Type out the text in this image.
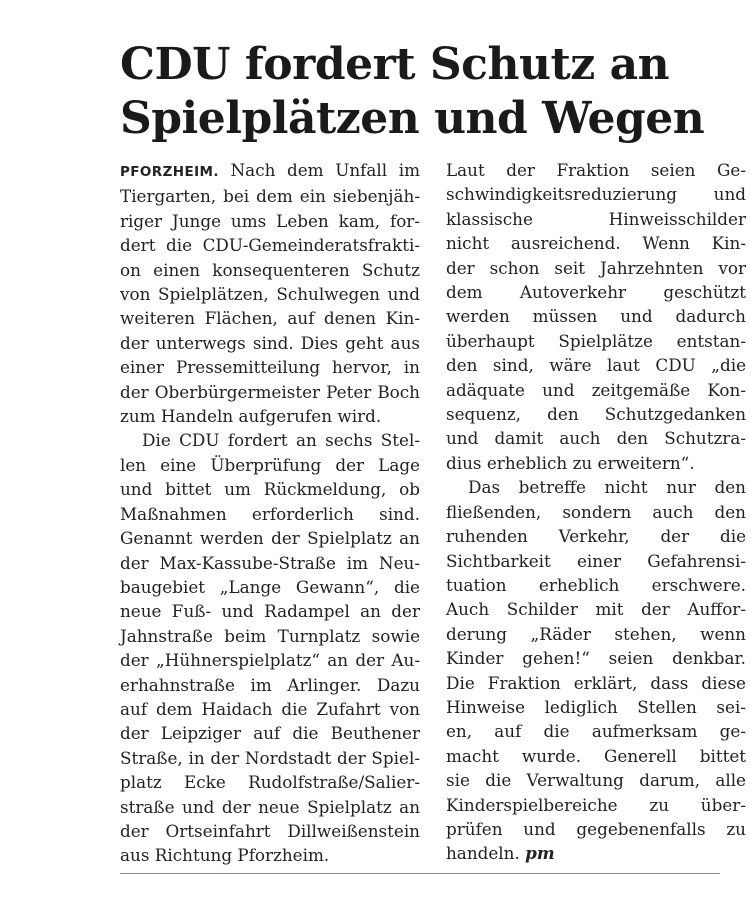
CDU fordert Schutz an
Spielplätzen und Wegen
PFORZHEIM. Nach dem Unfall im
Tiergarten, bei dem ein siebenjäh-
riger Junge ums Leben kam, for-
dert die CDU-Gemeinderatsfrakti-
on einen konsequenteren Schutz
von Spielplätzen, Schulwegen und
weiteren Flächen, auf denen Kin-
der unterwegs sind. Dies geht aus
einer Pressemitteilung hervor, in
der Oberbürgermeister Peter Boch
zum Handeln aufgerufen wird.
Die CDU fordert an sechs Stel-
len eine Überprüfung der Lage
und bittet um Rückmeldung, ob
Maßnahmen erforderlich sind.
Genannt werden der Spielplatz an
der Max-Kassube-Straße im Neu-
baugebiet „Lange Gewann“, die
neue Fuß- und Radampel an der
Jahnstraße beim Turnplatz sowie
der „Hühnerspielplatz“ an der Au-
erhahnstraße im Arlinger. Dazu
auf dem Haidach die Zufahrt von
der Leipziger auf die Beuthener
Straße, in der Nordstadt der Spiel-
platz Ecke Rudolfstraße/Salier-
straße und der neue Spielplatz an
der Ortseinfahrt Dillweißenstein
aus Richtung Pforzheim.
Laut der Fraktion seien Ge-
schwindigkeitsreduzierung und
klassische Hinweisschilder
nicht ausreichend. Wenn Kin-
der schon seit Jahrzehnten vor
dem Autoverkehr geschützt
werden müssen und dadurch
überhaupt Spielplätze entstan-
den sind, wäre laut CDU „die
adäquate und zeitgemäße Kon-
sequenz, den Schutzgedanken
und damit auch den Schutzra-
dius erheblich zu erweitern“.
Das betreffe nicht nur den
fließenden, sondern auch den
ruhenden Verkehr, der die
Sichtbarkeit einer Gefahrensi-
tuation erheblich erschwere.
Auch Schilder mit der Auffor-
derung „Räder stehen, wenn
Kinder gehen!“ seien denkbar.
Die Fraktion erklärt, dass diese
Hinweise lediglich Stellen sei-
en, auf die aufmerksam ge-
macht wurde. Generell bittet
sie die Verwaltung darum, alle
Kinderspielbereiche zu über-
prüfen und gegebenenfalls zu
handeln. pm
